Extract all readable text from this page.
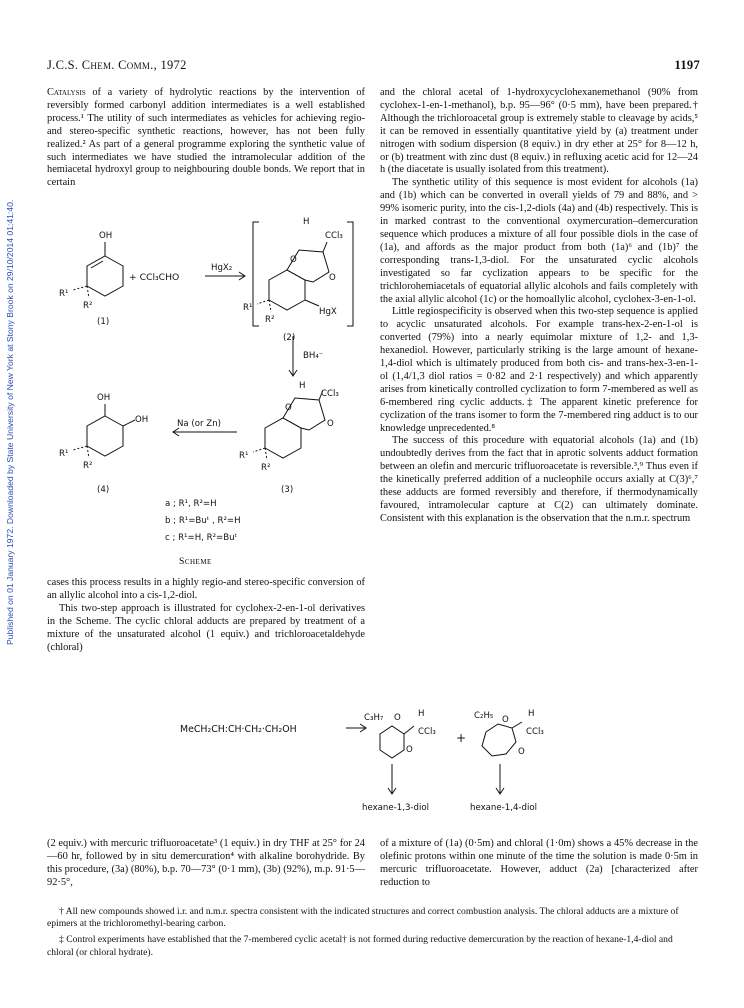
Published on 01 January 1972. Downloaded by State University of New York at Stony Brook on 29/10/2014 01:41:40.
J.C.S. Chem. Comm., 1972	1197

Catalysis of a variety of hydrolytic reactions by the intervention of reversibly formed carbonyl addition intermediates is a well established process.¹ The utility of such intermediates as vehicles for achieving regio- and stereo-specific synthetic reactions, however, has not been fully realized.² As part of a general programme exploring the synthetic value of such intermediates we have studied the intramolecular addition of the hemiacetal hydroxyl group to neighbouring double bonds. We report that in certain

OH
R¹
R²
(1)
+ CCl₃CHO
HgX₂
H
CCl₃
O
O
HgX
R¹
R²
(2)
BH₄⁻
H
CCl₃
O
O
R¹
R²
(3)
Na (or Zn)
OH
OH
R¹
R²
(4)
a ; R¹, R²=H
b ; R¹=Buᵗ , R²=H
c ; R¹=H, R²=Buᵗ
Scheme

cases this process results in a highly regio-and stereo-specific conversion of an allylic alcohol into a cis-1,2-diol.

This two-step approach is illustrated for cyclohex-2-en-1-ol derivatives in the Scheme. The cyclic chloral adducts are prepared by treatment of a mixture of the unsaturated alcohol (1 equiv.) and trichloroacetaldehyde (chloral)

and the chloral acetal of 1-hydroxycyclohexanemethanol (90% from cyclohex-1-en-1-methanol), b.p. 95—96° (0·5 mm), have been prepared.† Although the trichloroacetal group is extremely stable to cleavage by acids,⁵ it can be removed in essentially quantitative yield by (a) treatment under nitrogen with sodium dispersion (8 equiv.) in dry ether at 25° for 8—12 h, or (b) treatment with zinc dust (8 equiv.) in refluxing acetic acid for 12—24 h (the diacetate is usually isolated from this treatment).

The synthetic utility of this sequence is most evident for alcohols (1a) and (1b) which can be converted in overall yields of 79 and 88%, and > 99% isomeric purity, into the cis-1,2-diols (4a) and (4b) respectively. This is in marked contrast to the conventional oxymercuration–demercuration sequence which produces a mixture of all four possible diols in the case of (1a), and affords as the major product from both (1a)⁶ and (1b)⁷ the corresponding trans-1,3-diol. For the unsaturated cyclic alcohols investigated so far cyclization appears to be specific for the trichlorohemiacetals of equatorial allylic alcohols and fails completely with the axial allylic alcohol (1c) or the homoallylic alcohol, cyclohex-3-en-1-ol.

Little regiospecificity is observed when this two-step sequence is applied to acyclic unsaturated alcohols. For example trans-hex-2-en-1-ol is converted (79%) into a nearly equimolar mixture of 1,2- and 1,3-hexanediol. However, particularly striking is the large amount of hexane-1,4-diol which is ultimately produced from both cis- and trans-hex-3-en-1-ol (1,4/1,3 diol ratios = 0·82 and 2·1 respectively) and which apparently arises from kinetically controlled cyclization to form 7-membered as well as 6-membered ring cyclic adducts.‡ The apparent kinetic preference for cyclization of the trans isomer to form the 7-membered ring adduct is to our knowledge unprecedented.⁸

The success of this procedure with equatorial alcohols (1a) and (1b) undoubtedly derives from the fact that in aprotic solvents adduct formation between an olefin and mercuric trifluoroacetate is reversible.³,⁹ Thus even if the kinetically preferred addition of a nucleophile occurs axially at C(3)⁶,⁷ these adducts are formed reversibly and therefore, if thermodynamically favoured, intramolecular capture at C(2) can ultimately dominate. Consistent with this explanation is the observation that the n.m.r. spectrum

MeCH₂CH:CH·CH₂·CH₂OH
C₃H₇ O H
CCl₃
O
+
C₂H₅ O
H
CCl₃
O
hexane-1,3-diol	hexane-1,4-diol

(2 equiv.) with mercuric trifluoroacetate³ (1 equiv.) in dry THF at 25° for 24—60 hr, followed by in situ demercuration⁴ with alkaline borohydride. By this procedure, (3a) (80%), b.p. 70—73° (0·1 mm), (3b) (92%), m.p. 91·5—92·5°,

of a mixture of (1a) (0·5m) and chloral (1·0m) shows a 45% decrease in the olefinic protons within one minute of the time the solution is made 0·5m in mercuric trifluoroacetate. However, adduct (2a) [characterized after reduction to

† All new compounds showed i.r. and n.m.r. spectra consistent with the indicated structures and correct combustion analysis. The chloral adducts are a mixture of epimers at the trichloromethyl-bearing carbon.

‡ Control experiments have established that the 7-membered cyclic acetal† is not formed during reductive demercuration by the reaction of hexane-1,4-diol and chloral (or chloral hydrate).
